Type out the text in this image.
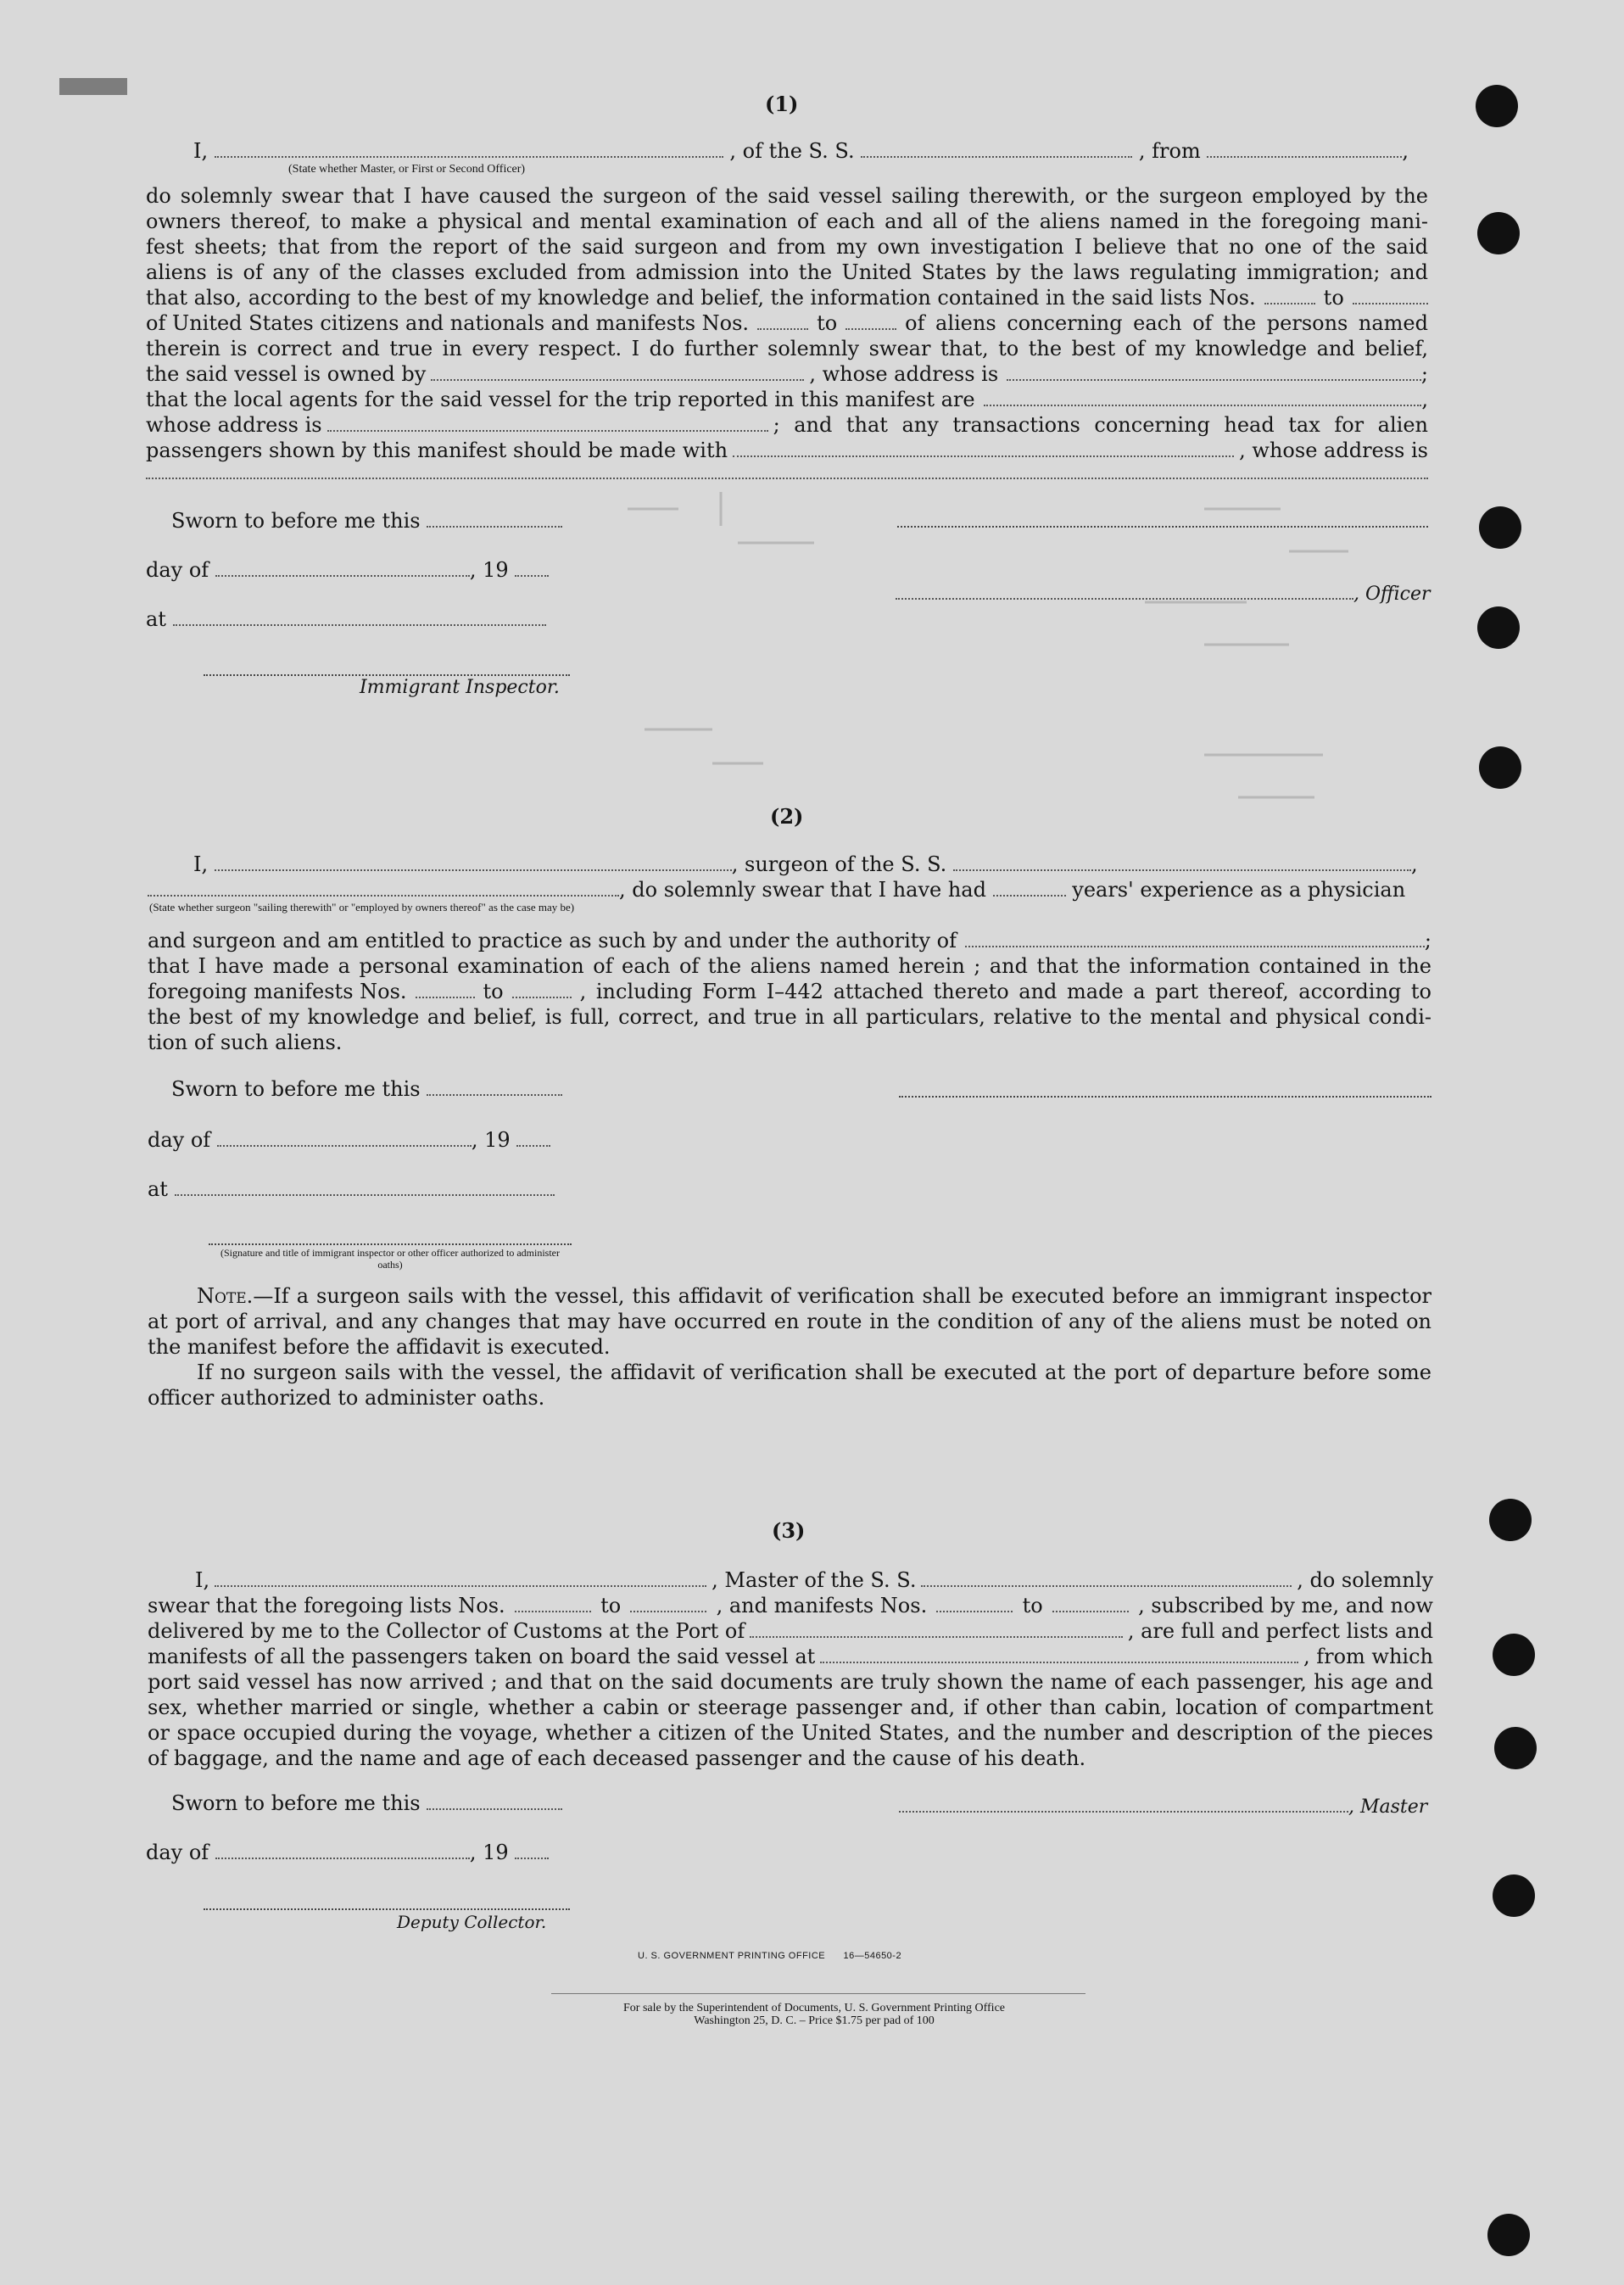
(1)
I,	, of the S. S.	, from	,
(State whether Master, or First or Second Officer)
do solemnly swear that I have caused the surgeon of the said vessel sailing therewith, or the surgeon employed by the
owners thereof, to make a physical and mental examination of each and all of the aliens named in the foregoing mani-
fest sheets; that from the report of the said surgeon and from my own investigation I believe that no one of the said
aliens is of any of the classes excluded from admission into the United States by the laws regulating immigration; and
that also, according to the best of my knowledge and belief, the information contained in the said lists Nos.	to
of United States citizens and nationals and manifests Nos.	to	of aliens concerning each of the persons named
therein is correct and true in every respect. I do further solemnly swear that, to the best of my knowledge and belief,
the said vessel is owned by	, whose address is	;
that the local agents for the said vessel for the trip reported in this manifest are	,
whose address is	; and that any transactions concerning head tax for alien
passengers shown by this manifest should be made with	, whose address is
Sworn to before me this
day of	, 19
at
Immigrant Inspector.
, Officer
(2)
I,	, surgeon of the S. S.	,
, do solemnly swear that I have had	years' experience as a physician
(State whether surgeon "sailing therewith" or "employed by owners thereof" as the case may be)
and surgeon and am entitled to practice as such by and under the authority of	;
that I have made a personal examination of each of the aliens named herein ; and that the information contained in the
foregoing manifests Nos.	to	, including Form I–442 attached thereto and made a part thereof, according to
the best of my knowledge and belief, is full, correct, and true in all particulars, relative to the mental and physical condi-
tion of such aliens.
Sworn to before me this
day of	, 19
at
(Signature and title of immigrant inspector or other officer authorized to administer oaths)
Note.—If a surgeon sails with the vessel, this affidavit of verification shall be executed before an immigrant inspector at port of arrival, and any changes that may have occurred en route in the condition of any of the aliens must be noted on the manifest before the affidavit is executed.
If no surgeon sails with the vessel, the affidavit of verification shall be executed at the port of departure before some officer authorized to administer oaths.
(3)
I,	, Master of the S. S.	, do solemnly
swear that the foregoing lists Nos.	to	, and manifests Nos.	to	, subscribed by me, and now
delivered by me to the Collector of Customs at the Port of	, are full and perfect lists and
manifests of all the passengers taken on board the said vessel at	, from which
port said vessel has now arrived ; and that on the said documents are truly shown the name of each passenger, his age and
sex, whether married or single, whether a cabin or steerage passenger and, if other than cabin, location of compartment
or space occupied during the voyage, whether a citizen of the United States, and the number and description of the pieces
of baggage, and the name and age of each deceased passenger and the cause of his death.
Sworn to before me this	, Master
day of	, 19
Deputy Collector.
U. S. GOVERNMENT PRINTING OFFICE      16—54650-2
For sale by the Superintendent of Documents, U. S. Government Printing Office
Washington 25, D. C. – Price $1.75 per pad of 100
